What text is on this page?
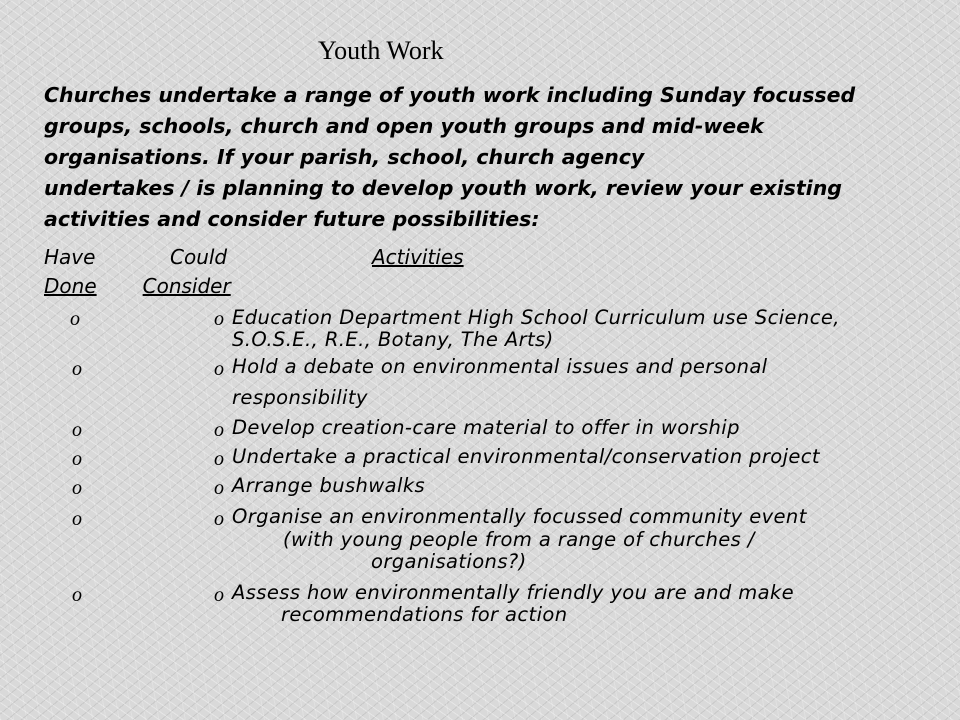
Youth Work
Churches undertake a range of youth work including Sunday focussed
groups, schools, church and open youth groups and mid-week
organisations. If your parish, school, church agency
undertakes / is planning to develop youth work, review your existing
activities and consider future possibilities:
Have	Could	Activities
Done Consider
o	o Education Department High School Curriculum use Science,
S.O.S.E., R.E., Botany, The Arts)
o	o Hold a debate on environmental issues and personal
responsibility
o	o Develop creation-care material to offer in worship
o	o Undertake a practical environmental/conservation project
o	o Arrange bushwalks
o	o Organise an environmentally focussed community event
(with young people from a range of churches /
organisations?)
o	o Assess how environmentally friendly you are and make
recommendations for action
